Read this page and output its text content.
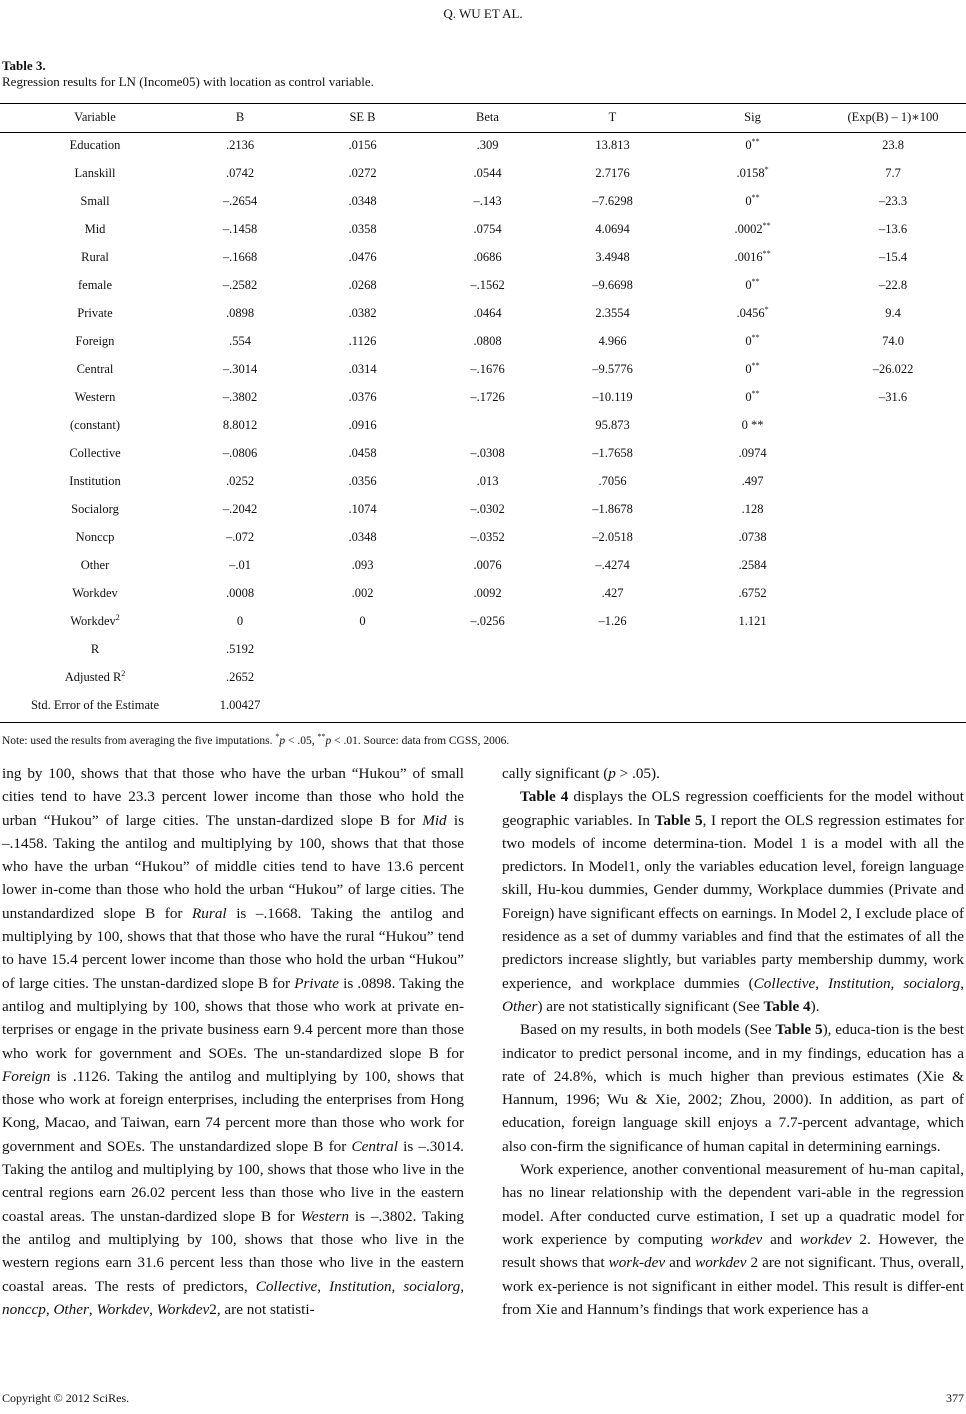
Q. WU ET AL.
Table 3.
Regression results for LN (Income05) with location as control variable.
Variable	B	SE B	Beta	T	Sig	(Exp(B) – 1)∗100
Education	.2136	.0156	.309	13.813	0**	23.8
Lanskill	.0742	.0272	.0544	2.7176	.0158*	7.7
Small	–.2654	.0348	–.143	–7.6298	0**	–23.3
Mid	–.1458	.0358	.0754	4.0694	.0002**	–13.6
Rural	–.1668	.0476	.0686	3.4948	.0016**	–15.4
female	–.2582	.0268	–.1562	–9.6698	0**	–22.8
Private	.0898	.0382	.0464	2.3554	.0456*	9.4
Foreign	.554	.1126	.0808	4.966	0**	74.0
Central	–.3014	.0314	–.1676	–9.5776	0**	–26.022
Western	–.3802	.0376	–.1726	–10.119	0**	–31.6
(constant)	8.8012	.0916		95.873	0 **	
Collective	–.0806	.0458	–.0308	–1.7658	.0974	
Institution	.0252	.0356	.013	.7056	.497	
Socialorg	–.2042	.1074	–.0302	–1.8678	.128	
Nonccp	–.072	.0348	–.0352	–2.0518	.0738	
Other	–.01	.093	.0076	–.4274	.2584	
Workdev	.0008	.002	.0092	.427	.6752	
Workdev$^2$	0	0	–.0256	–1.26	1.121	
R	.5192					
Adjusted $R^2$	.2652					
Std. Error of the Estimate	1.00427					
Note: used the results from averaging the five imputations. *p < .05, **p < .01. Source: data from CGSS, 2006.

ing by 100, shows that that those who have the urban “Hukou” of small cities tend to have 23.3 percent lower income than those who hold the urban “Hukou” of large cities. The unstan-dardized slope B for Mid is –.1458. Taking the antilog and multiplying by 100, shows that that those who have the urban “Hukou” of middle cities tend to have 13.6 percent lower in-come than those who hold the urban “Hukou” of large cities. The unstandardized slope B for Rural is –.1668. Taking the antilog and multiplying by 100, shows that that those who have the rural “Hukou” tend to have 15.4 percent lower income than those who hold the urban “Hukou” of large cities. The unstan-dardized slope B for Private is .0898. Taking the antilog and multiplying by 100, shows that those who work at private en-terprises or engage in the private business earn 9.4 percent more than those who work for government and SOEs. The un-standardized slope B for Foreign is .1126. Taking the antilog and multiplying by 100, shows that those who work at foreign enterprises, including the enterprises from Hong Kong, Macao, and Taiwan, earn 74 percent more than those who work for government and SOEs. The unstandardized slope B for Central is –.3014. Taking the antilog and multiplying by 100, shows that those who live in the central regions earn 26.02 percent less than those who live in the eastern coastal areas. The unstan-dardized slope B for Western is –.3802. Taking the antilog and multiplying by 100, shows that those who live in the western regions earn 31.6 percent less than those who live in the eastern coastal areas. The rests of predictors, Collective, Institution, socialorg, nonccp, Other, Workdev, Workdev2, are not statisti-

cally significant (p > .05).

Table 4 displays the OLS regression coefficients for the model without geographic variables. In Table 5, I report the OLS regression estimates for two models of income determina-tion. Model 1 is a model with all the predictors. In Model1, only the variables education level, foreign language skill, Hu-kou dummies, Gender dummy, Workplace dummies (Private and Foreign) have significant effects on earnings. In Model 2, I exclude place of residence as a set of dummy variables and find that the estimates of all the predictors increase slightly, but variables party membership dummy, work experience, and workplace dummies (Collective, Institution, socialorg, Other) are not statistically significant (See Table 4).

Based on my results, in both models (See Table 5), educa-tion is the best indicator to predict personal income, and in my findings, education has a rate of 24.8%, which is much higher than previous estimates (Xie & Hannum, 1996; Wu & Xie, 2002; Zhou, 2000). In addition, as part of education, foreign language skill enjoys a 7.7-percent advantage, which also con-firm the significance of human capital in determining earnings.

Work experience, another conventional measurement of hu-man capital, has no linear relationship with the dependent vari-able in the regression model. After conducted curve estimation, I set up a quadratic model for work experience by computing workdev and workdev 2. However, the result shows that work-dev and workdev 2 are not significant. Thus, overall, work ex-perience is not significant in either model. This result is differ-ent from Xie and Hannum’s findings that work experience has a

Copyright © 2012 SciRes.	377
